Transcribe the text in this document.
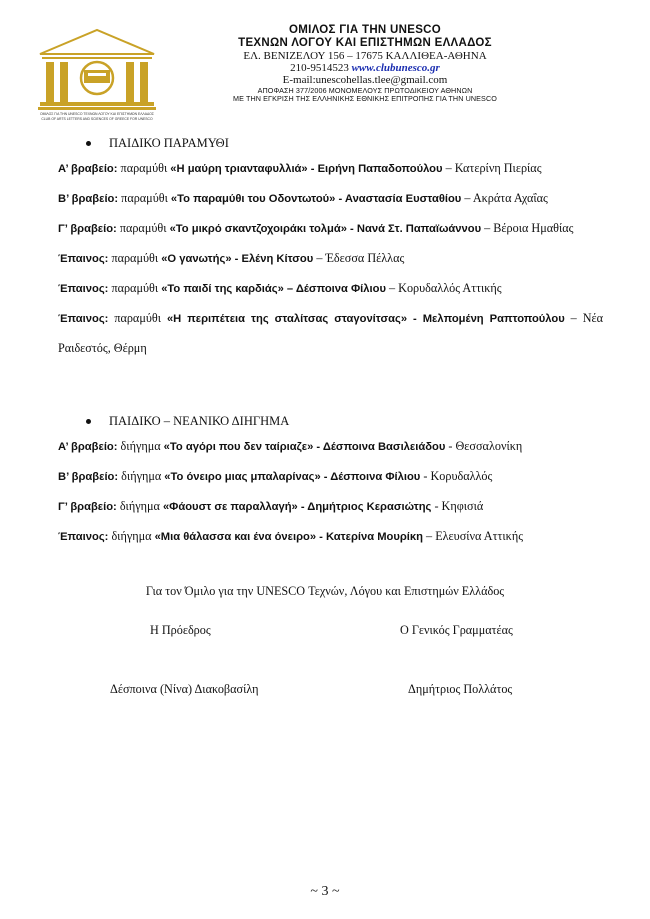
ΟΜΙΛΟΣ ΓΙΑ ΤΗΝ UNESCO ΤΕΧΝΩΝ ΛΟΓΟΥ ΚΑΙ ΕΠΙΣΤΗΜΩΝ ΕΛΛΑΔΟΣ
CLUB OF ARTS LETTERS AND SCIENCES OF GREECE FOR UNESCO
ΟΜΙΛΟΣ ΓΙΑ ΤΗΝ UNESCO
ΤΕΧΝΩΝ ΛΟΓΟΥ ΚΑΙ ΕΠΙΣΤΗΜΩΝ ΕΛΛΑΔΟΣ
ΕΛ. ΒΕΝΙΖΕΛΟΥ 156 – 17675 ΚΑΛΛΙΘΕΑ-ΑΘΗΝΑ
210-9514523 www.clubunesco.gr
E-mail:unescohellas.tlee@gmail.com
ΑΠΟΦΑΣΗ 377/2006 ΜΟΝΟΜΕΛΟΥΣ ΠΡΩΤΟΔΙΚΕΙΟΥ ΑΘΗΝΩΝ
ΜΕ ΤΗΝ ΕΓΚΡΙΣΗ ΤΗΣ ΕΛΛΗΝΙΚΗΣ ΕΘΝΙΚΗΣ ΕΠΙΤΡΟΠΗΣ ΓΙΑ ΤΗΝ UNESCO
ΠΑΙΔΙΚΟ ΠΑΡΑΜΥΘΙ
Α’ βραβείο: παραμύθι «Η μαύρη τριανταφυλλιά» - Ειρήνη Παπαδοπούλου – Κατερίνη Πιερίας
Β’ βραβείο: παραμύθι «Το παραμύθι του Οδοντωτού» - Αναστασία Ευσταθίου – Ακράτα Αχαΐας
Γ’ βραβείο: παραμύθι «Το μικρό σκαντζοχοιράκι τολμά» - Νανά Στ. Παπαϊωάννου – Βέροια Ημαθίας
Έπαινος: παραμύθι «Ο γανωτής» - Ελένη Κίτσου – Έδεσσα Πέλλας
Έπαινος: παραμύθι «Το παιδί της καρδιάς» – Δέσποινα Φίλιου – Κορυδαλλός Αττικής
Έπαινος: παραμύθι «Η περιπέτεια της σταλίτσας σταγονίτσας» - Μελπομένη Ραπτοπούλου – Νέα Ραιδεστός, Θέρμη
ΠΑΙΔΙΚΟ – ΝΕΑΝΙΚΟ ΔΙΗΓΗΜΑ
Α’ βραβείο: διήγημα «Το αγόρι που δεν ταίριαζε» - Δέσποινα Βασιλειάδου - Θεσσαλονίκη
Β’ βραβείο: διήγημα «Το όνειρο μιας μπαλαρίνας» - Δέσποινα Φίλιου - Κορυδαλλός
Γ’ βραβείο: διήγημα «Φάουστ σε παραλλαγή» - Δημήτριος Κερασιώτης - Κηφισιά
Έπαινος: διήγημα «Μια θάλασσα και ένα όνειρο» - Κατερίνα Μουρίκη – Ελευσίνα Αττικής
Για τον Όμιλο για την UNESCO Τεχνών, Λόγου και Επιστημών Ελλάδος
Η Πρόεδρος	Ο Γενικός Γραμματέας
Δέσποινα (Νίνα) Διακοβασίλη	Δημήτριος Πολλάτος
~ 3 ~
